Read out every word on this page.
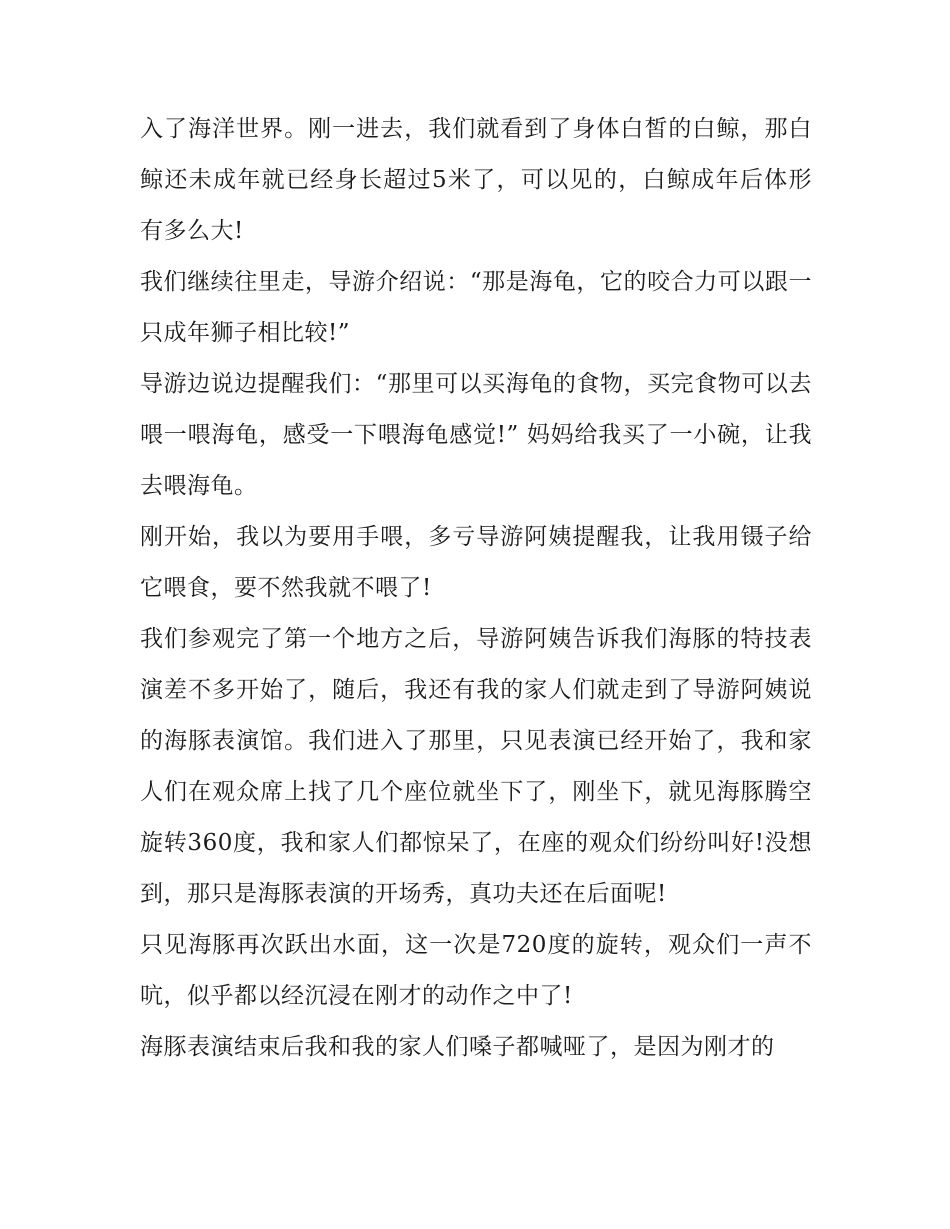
入了海洋世界。刚一进去，我们就看到了身体白皙的白鲸，那白鲸还未成年就已经身长超过5米了，可以见的，白鲸成年后体形有多么大!

我们继续往里走，导游介绍说：“那是海龟，它的咬合力可以跟一只成年狮子相比较!”

导游边说边提醒我们：“那里可以买海龟的食物，买完食物可以去喂一喂海龟，感受一下喂海龟感觉!” 妈妈给我买了一小碗，让我去喂海龟。

刚开始，我以为要用手喂，多亏导游阿姨提醒我，让我用镊子给它喂食，要不然我就不喂了!

我们参观完了第一个地方之后，导游阿姨告诉我们海豚的特技表演差不多开始了，随后，我还有我的家人们就走到了导游阿姨说的海豚表演馆。我们进入了那里，只见表演已经开始了，我和家人们在观众席上找了几个座位就坐下了，刚坐下，就见海豚腾空旋转360度，我和家人们都惊呆了，在座的观众们纷纷叫好!没想到，那只是海豚表演的开场秀，真功夫还在后面呢!

只见海豚再次跃出水面，这一次是720度的旋转，观众们一声不吭，似乎都以经沉浸在刚才的动作之中了!

海豚表演结束后我和我的家人们嗓子都喊哑了，是因为刚才的
